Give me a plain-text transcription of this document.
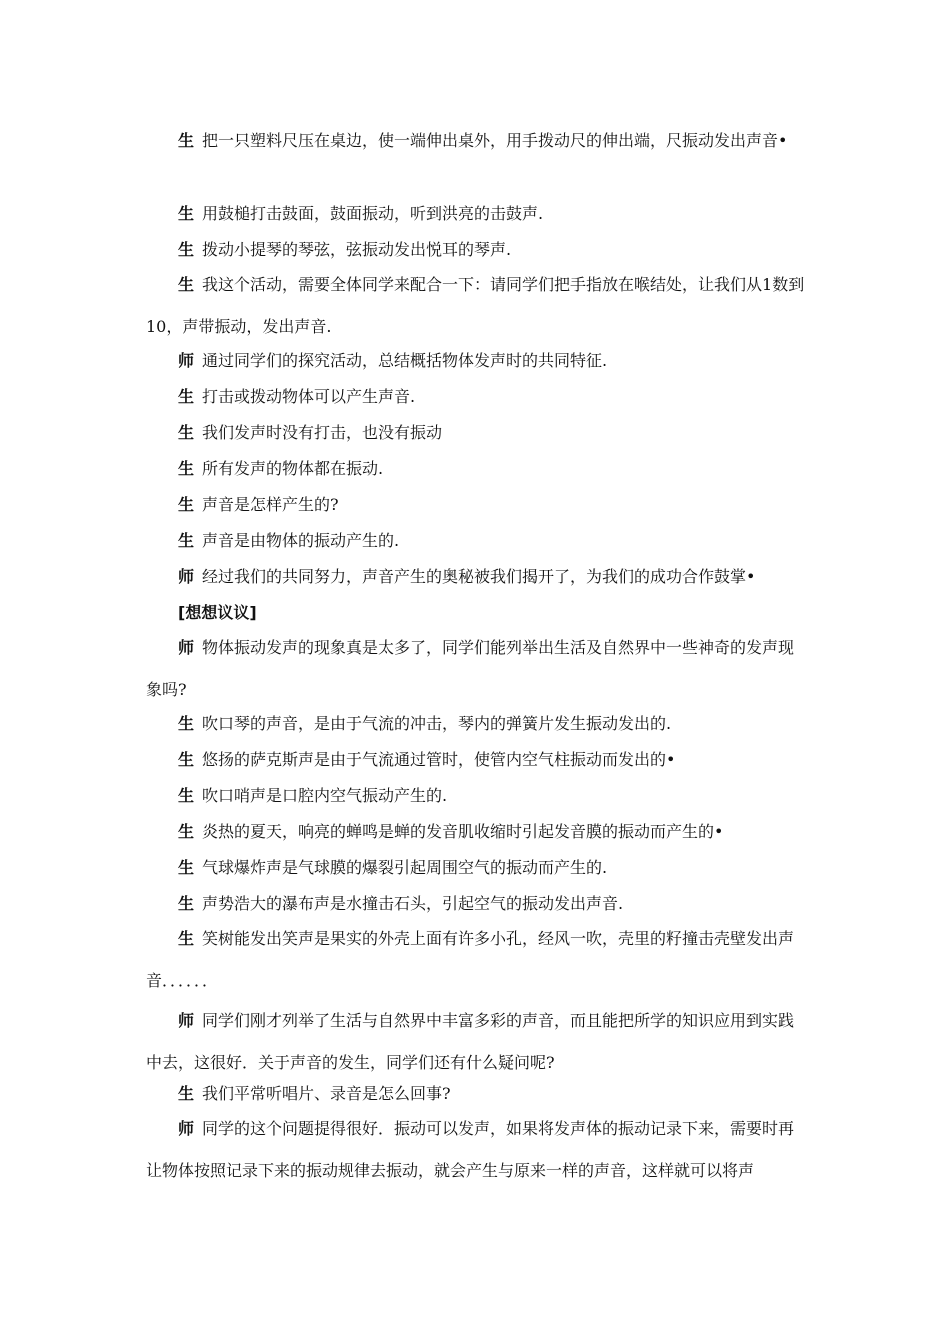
生 把一只塑料尺压在桌边，使一端伸出桌外，用手拨动尺的伸出端，尺振动发出声音•

生 用鼓槌打击鼓面，鼓面振动，听到洪亮的击鼓声.

生 拨动小提琴的琴弦，弦振动发出悦耳的琴声.

生 我这个活动，需要全体同学来配合一下：请同学们把手指放在喉结处，让我们从1数到10，声带振动，发出声音.

师 通过同学们的探究活动，总结概括物体发声时的共同特征.

生 打击或拨动物体可以产生声音.

生 我们发声时没有打击，也没有振动

生 所有发声的物体都在振动.

生 声音是怎样产生的?

生 声音是由物体的振动产生的.

师 经过我们的共同努力，声音产生的奥秘被我们揭开了，为我们的成功合作鼓掌•

[想想议议]

师 物体振动发声的现象真是太多了，同学们能列举出生活及自然界中一些神奇的发声现象吗?

生 吹口琴的声音，是由于气流的冲击，琴内的弹簧片发生振动发出的.

生 悠扬的萨克斯声是由于气流通过管时，使管内空气柱振动而发出的•

生 吹口哨声是口腔内空气振动产生的.

生 炎热的夏天，响亮的蝉鸣是蝉的发音肌收缩时引起发音膜的振动而产生的•

生 气球爆炸声是气球膜的爆裂引起周围空气的振动而产生的.

生 声势浩大的瀑布声是水撞击石头，引起空气的振动发出声音.

生 笑树能发出笑声是果实的外壳上面有许多小孔，经风一吹，壳里的籽撞击壳壁发出声音．．．．．．

师 同学们刚才列举了生活与自然界中丰富多彩的声音，而且能把所学的知识应用到实践中去，这很好．关于声音的发生，同学们还有什么疑问呢?

生 我们平常听唱片、录音是怎么回事?

师 同学的这个问题提得很好．振动可以发声，如果将发声体的振动记录下来，需要时再让物体按照记录下来的振动规律去振动，就会产生与原来一样的声音，这样就可以将声
